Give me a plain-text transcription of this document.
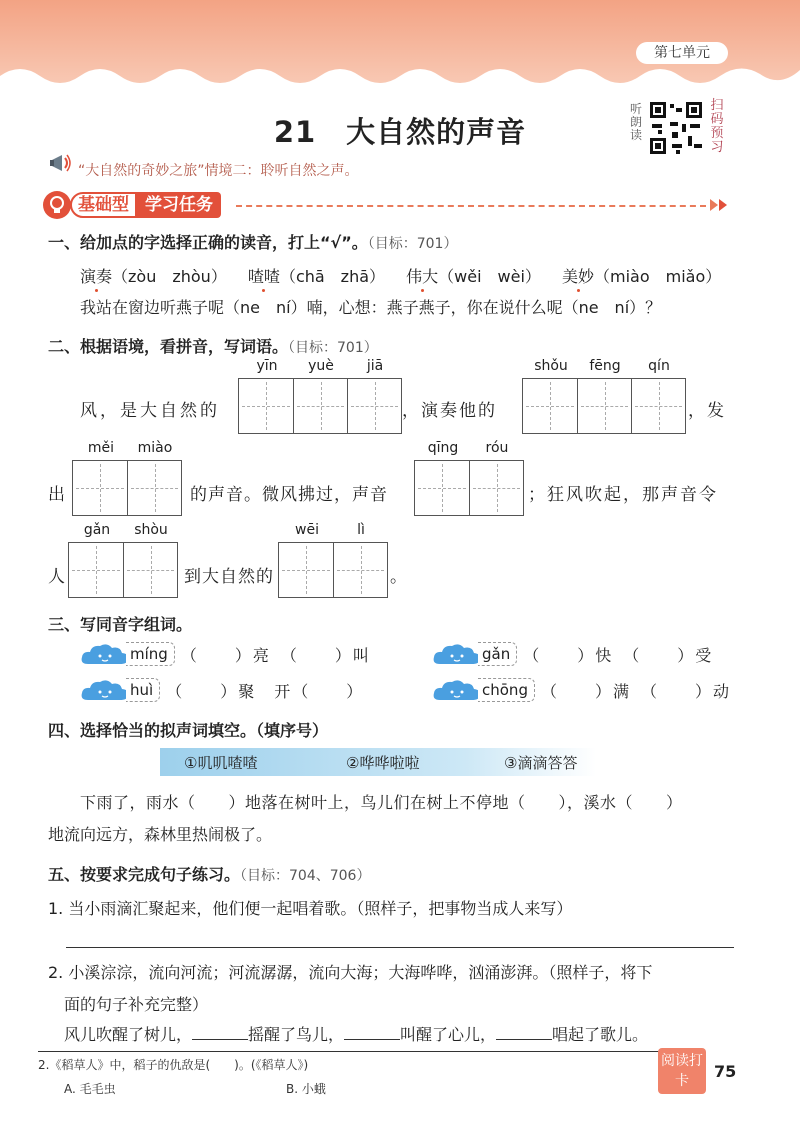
第七单元
21　大自然的声音
听朗读
扫码预习
“大自然的奇妙之旅”情境二：聆听自然之声。
基础型 学习任务
一、给加点的字选择正确的读音，打上“√”。（目标：701）
演奏（zòu　zhòu） 喳喳（chā　zhā） 伟大（wěi　wèi） 美妙（miào　miǎo）
我站在窗边听燕子呢（ne　ní）喃，心想：燕子燕子，你在说什么呢（ne　ní）？
二、根据语境，看拼音，写词语。（目标：701）
yīn	yuè	jiā	shǒu	fēng	qín
风，是大自然的	，演奏他的	，发
měi	miào	qīng	róu
出	的声音。微风拂过，声音	；狂风吹起，那声音令
gǎn	shòu	wēi	lì
人	到大自然的	。
三、写同音字组词。
míng （　　）亮　（　　）叫	gǎn （　　）快　（　　）受
huì （　　）聚　开（　　）	chōng （　　）满　（　　）动
四、选择恰当的拟声词填空。（填序号）
①叽叽喳喳	②哗哗啦啦	③滴滴答答
下雨了，雨水（　　）地落在树叶上，鸟儿们在树上不停地（　　），溪水（　　）
地流向远方，森林里热闹极了。
五、按要求完成句子练习。（目标：704、706）
1. 当小雨滴汇聚起来，他们便一起唱着歌。（照样子，把事物当成人来写）
2. 小溪淙淙，流向河流；河流潺潺，流向大海；大海哗哗，汹涌澎湃。（照样子，将下
面的句子补充完整）
风儿吹醒了树儿，	摇醒了鸟儿，	叫醒了心儿，	唱起了歌儿。
2.《稻草人》中，稻子的仇敌是(　　)。(《稻草人》)
A. 毛毛虫	B. 小蛾
阅读打卡	75
